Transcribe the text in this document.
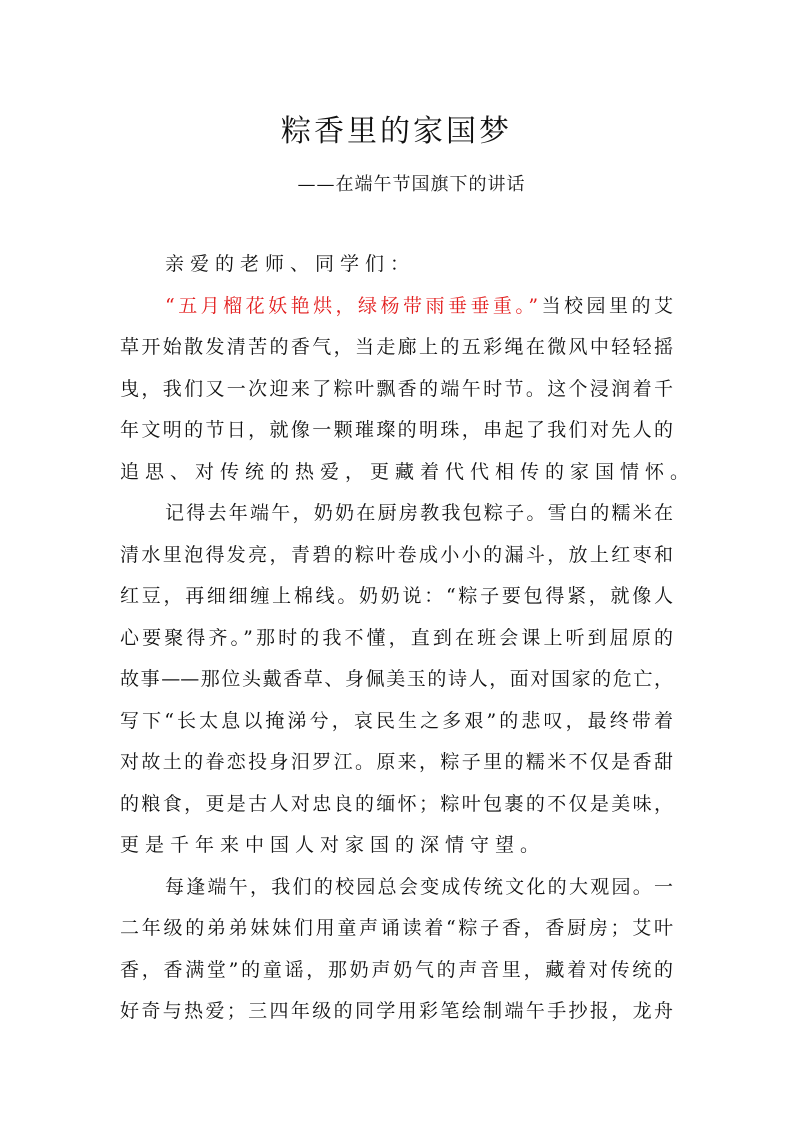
粽香里的家国梦
——在端午节国旗下的讲话
亲爱的老师、同学们：
“五月榴花妖艳烘，绿杨带雨垂垂重。”当校园里的艾
草开始散发清苦的香气，当走廊上的五彩绳在微风中轻轻摇
曳，我们又一次迎来了粽叶飘香的端午时节。这个浸润着千
年文明的节日，就像一颗璀璨的明珠，串起了我们对先人的
追思、对传统的热爱，更藏着代代相传的家国情怀。
记得去年端午，奶奶在厨房教我包粽子。雪白的糯米在
清水里泡得发亮，青碧的粽叶卷成小小的漏斗，放上红枣和
红豆，再细细缠上棉线。奶奶说：“粽子要包得紧，就像人
心要聚得齐。”那时的我不懂，直到在班会课上听到屈原的
故事——那位头戴香草、身佩美玉的诗人，面对国家的危亡，
写下“长太息以掩涕兮，哀民生之多艰”的悲叹，最终带着
对故土的眷恋投身汨罗江。原来，粽子里的糯米不仅是香甜
的粮食，更是古人对忠良的缅怀；粽叶包裹的不仅是美味，
更是千年来中国人对家国的深情守望。
每逢端午，我们的校园总会变成传统文化的大观园。一
二年级的弟弟妹妹们用童声诵读着“粽子香，香厨房；艾叶
香，香满堂”的童谣，那奶声奶气的声音里，藏着对传统的
好奇与热爱；三四年级的同学用彩笔绘制端午手抄报，龙舟
